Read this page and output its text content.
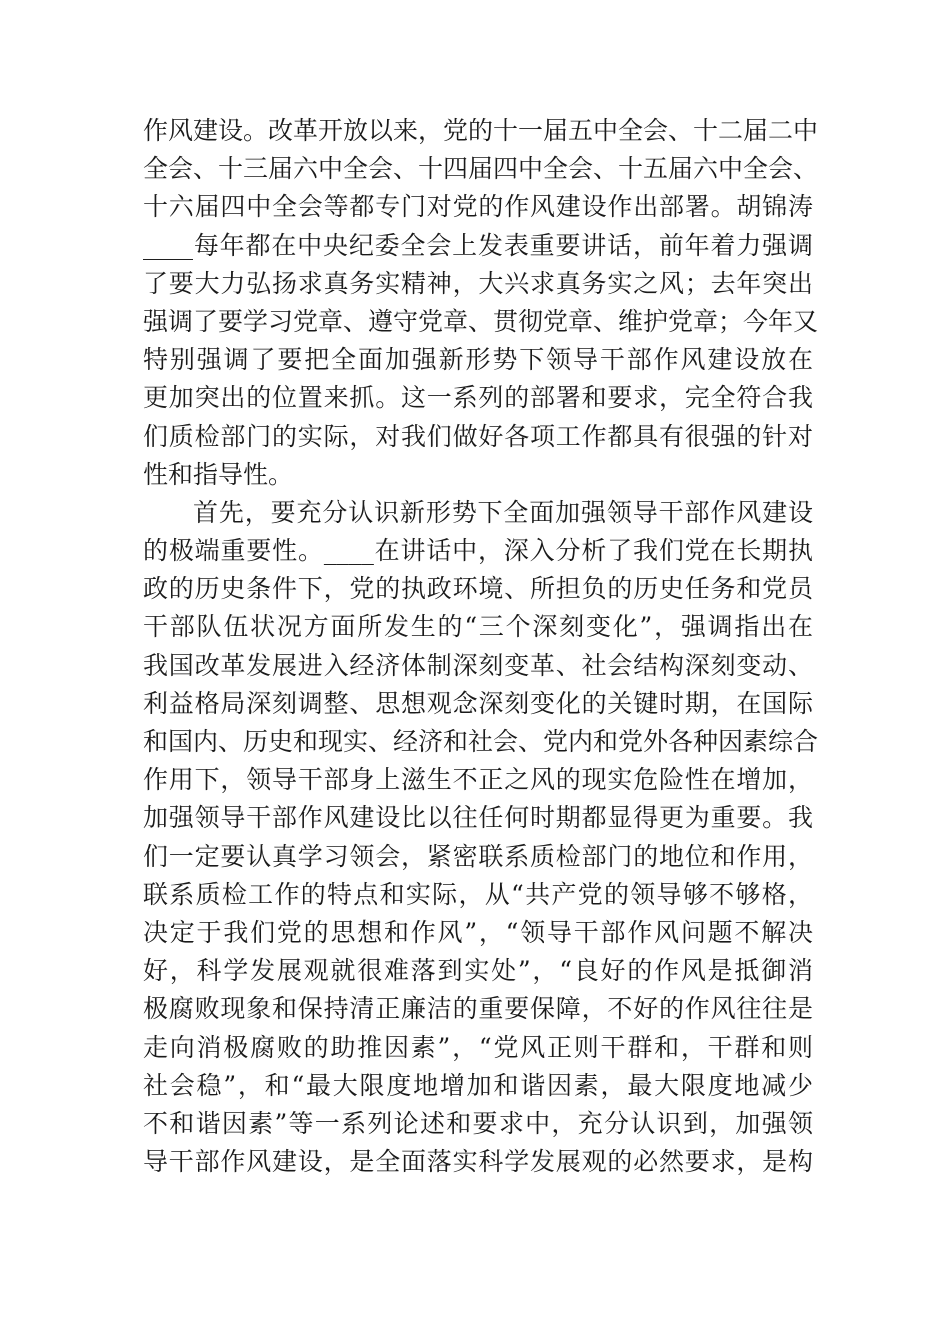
作风建设。改革开放以来，党的十一届五中全会、十二届二中
全会、十三届六中全会、十四届四中全会、十五届六中全会、
十六届四中全会等都专门对党的作风建设作出部署。胡锦涛
____每年都在中央纪委全会上发表重要讲话，前年着力强调
了要大力弘扬求真务实精神，大兴求真务实之风；去年突出
强调了要学习党章、遵守党章、贯彻党章、维护党章；今年又
特别强调了要把全面加强新形势下领导干部作风建设放在
更加突出的位置来抓。这一系列的部署和要求，完全符合我
们质检部门的实际，对我们做好各项工作都具有很强的针对
性和指导性。
首先，要充分认识新形势下全面加强领导干部作风建设
的极端重要性。____在讲话中，深入分析了我们党在长期执
政的历史条件下，党的执政环境、所担负的历史任务和党员
干部队伍状况方面所发生的“三个深刻变化”，强调指出在
我国改革发展进入经济体制深刻变革、社会结构深刻变动、
利益格局深刻调整、思想观念深刻变化的关键时期，在国际
和国内、历史和现实、经济和社会、党内和党外各种因素综合
作用下，领导干部身上滋生不正之风的现实危险性在增加，
加强领导干部作风建设比以往任何时期都显得更为重要。我
们一定要认真学习领会，紧密联系质检部门的地位和作用，
联系质检工作的特点和实际，从“共产党的领导够不够格，
决定于我们党的思想和作风”，“领导干部作风问题不解决
好，科学发展观就很难落到实处”，“良好的作风是抵御消
极腐败现象和保持清正廉洁的重要保障，不好的作风往往是
走向消极腐败的助推因素”，“党风正则干群和，干群和则
社会稳”，和“最大限度地增加和谐因素，最大限度地减少
不和谐因素”等一系列论述和要求中，充分认识到，加强领
导干部作风建设，是全面落实科学发展观的必然要求，是构
